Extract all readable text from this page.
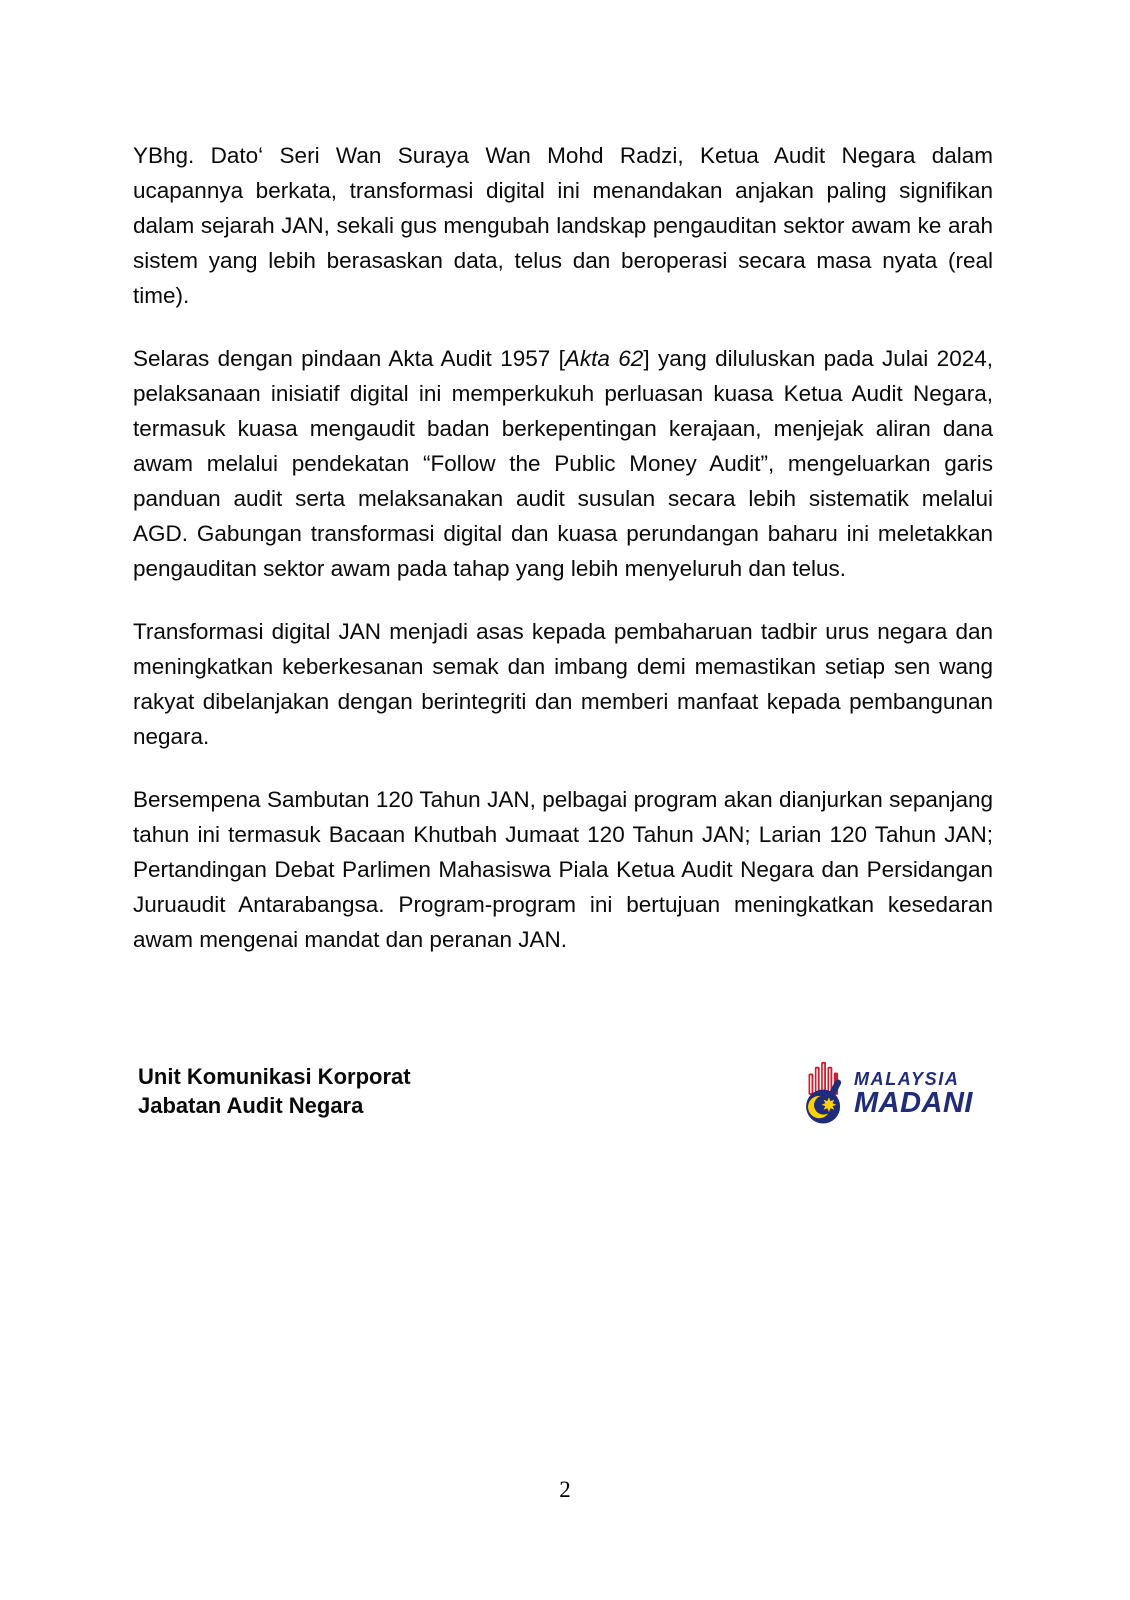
YBhg. Dato‘ Seri Wan Suraya Wan Mohd Radzi, Ketua Audit Negara dalam ucapannya berkata, transformasi digital ini menandakan anjakan paling signifikan dalam sejarah JAN, sekali gus mengubah landskap pengauditan sektor awam ke arah sistem yang lebih berasaskan data, telus dan beroperasi secara masa nyata (real time).

Selaras dengan pindaan Akta Audit 1957 [Akta 62] yang diluluskan pada Julai 2024, pelaksanaan inisiatif digital ini memperkukuh perluasan kuasa Ketua Audit Negara, termasuk kuasa mengaudit badan berkepentingan kerajaan, menjejak aliran dana awam melalui pendekatan “Follow the Public Money Audit”, mengeluarkan garis panduan audit serta melaksanakan audit susulan secara lebih sistematik melalui AGD. Gabungan transformasi digital dan kuasa perundangan baharu ini meletakkan pengauditan sektor awam pada tahap yang lebih menyeluruh dan telus.

Transformasi digital JAN menjadi asas kepada pembaharuan tadbir urus negara dan meningkatkan keberkesanan semak dan imbang demi memastikan setiap sen wang rakyat dibelanjakan dengan berintegriti dan memberi manfaat kepada pembangunan negara.

Bersempena Sambutan 120 Tahun JAN, pelbagai program akan dianjurkan sepanjang tahun ini termasuk Bacaan Khutbah Jumaat 120 Tahun JAN; Larian 120 Tahun JAN; Pertandingan Debat Parlimen Mahasiswa Piala Ketua Audit Negara dan Persidangan Juruaudit Antarabangsa. Program-program ini bertujuan meningkatkan kesedaran awam mengenai mandat dan peranan JAN.

Unit Komunikasi Korporat
Jabatan Audit Negara
MALAYSIA
MADANI
2
